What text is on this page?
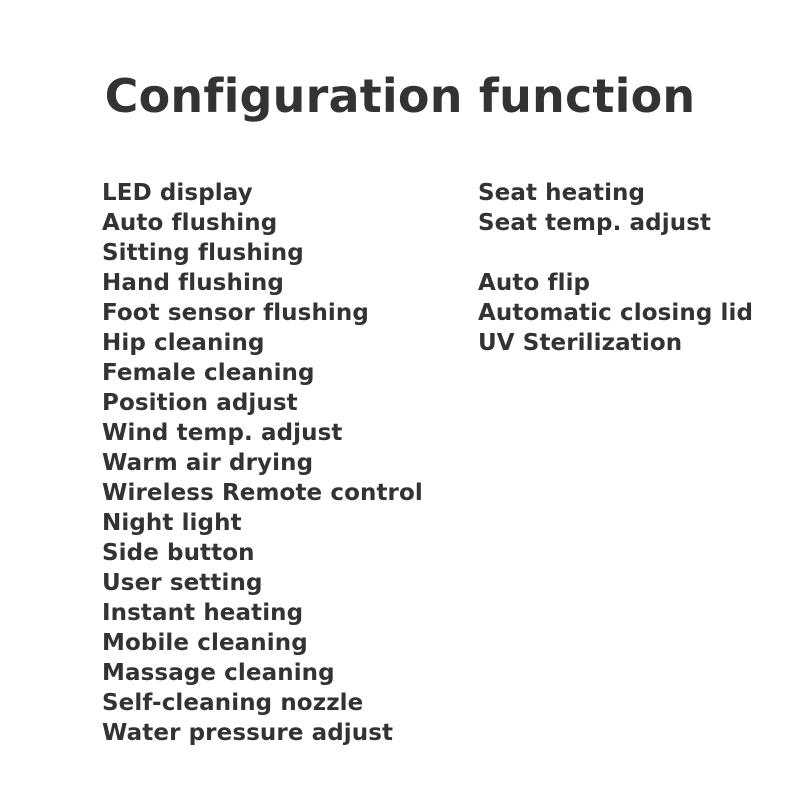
Configuration function
LED display
Auto flushing
Sitting flushing
Hand flushing
Foot sensor flushing
Hip cleaning
Female cleaning
Position adjust
Wind temp. adjust
Warm air drying
Wireless Remote control
Night light
Side button
User setting
Instant heating
Mobile cleaning
Massage cleaning
Self-cleaning nozzle
Water pressure adjust
Seat heating
Seat temp. adjust
Auto flip
Automatic closing lid
UV Sterilization
